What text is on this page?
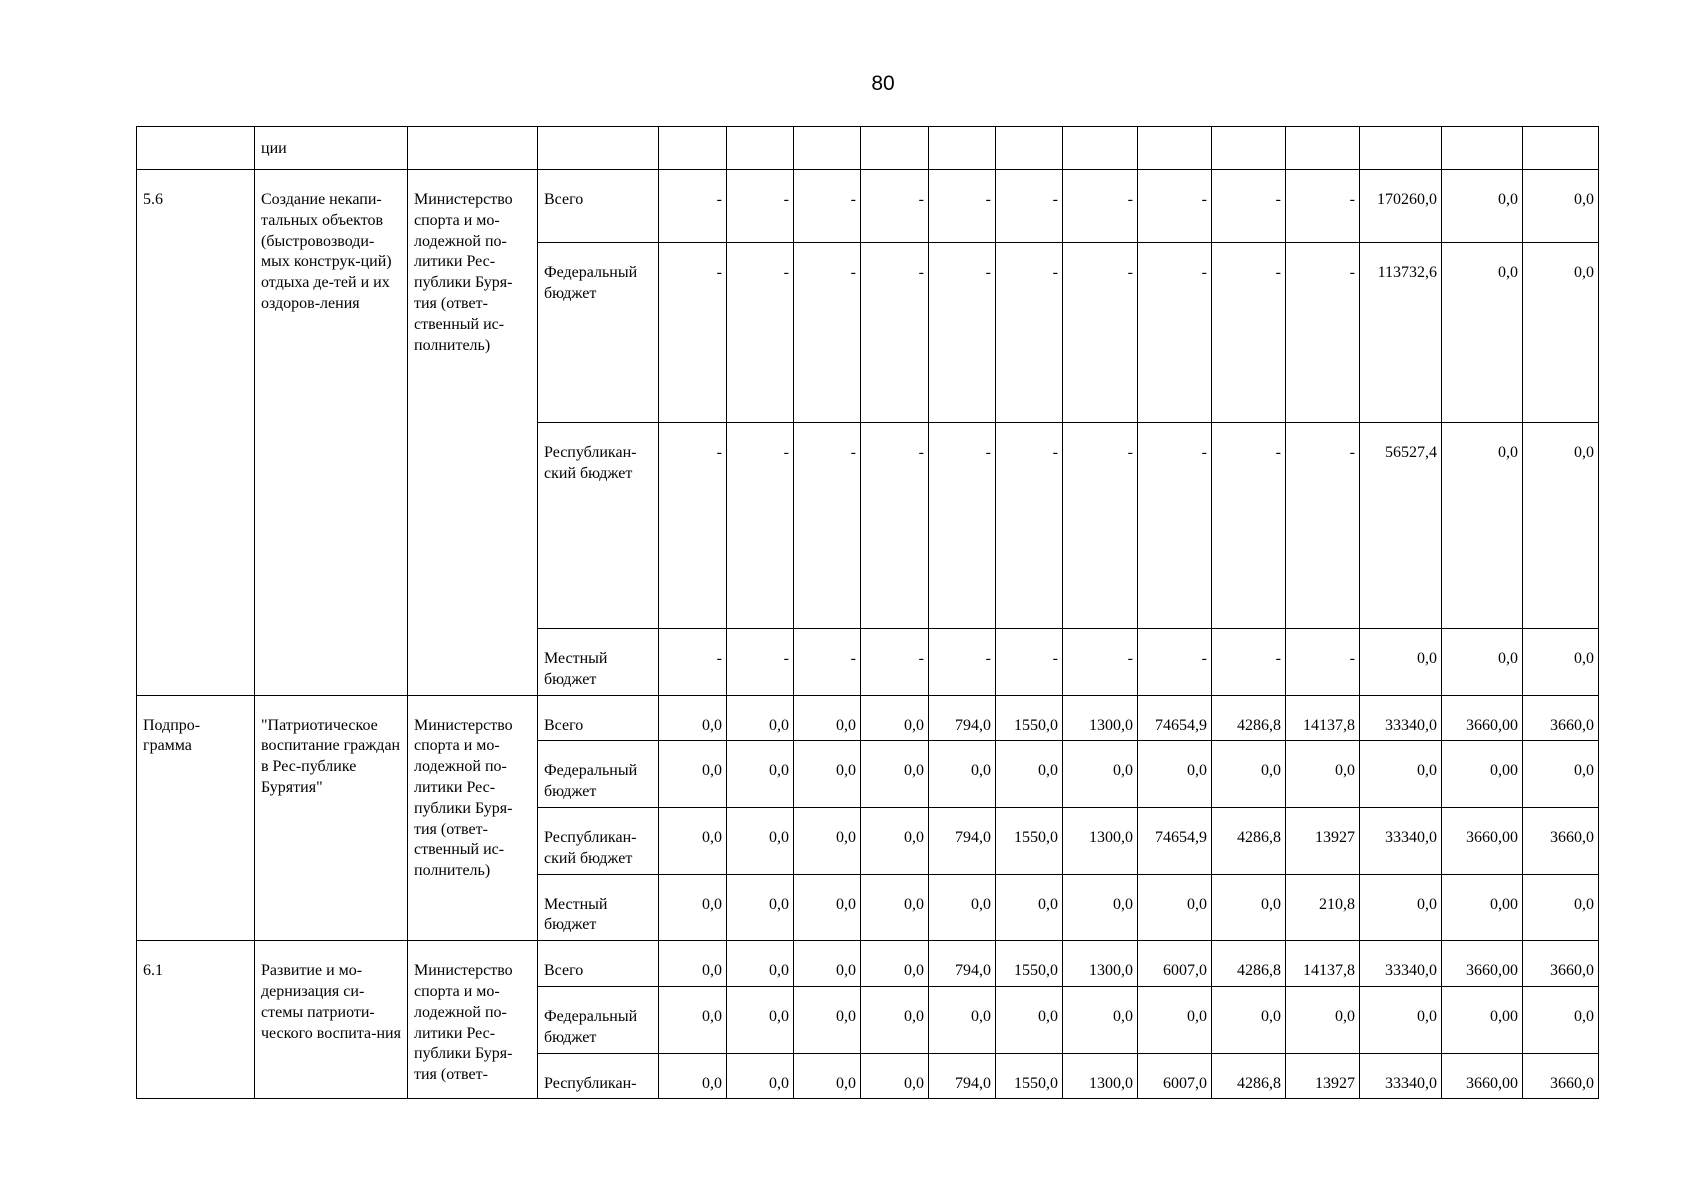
80
	ции															
5.6	Создание некапи-тальных объектов (быстровозводи-мых конструк-ций) отдыха де-тей и их оздоров-ления	Министерство спорта и мо-лодежной по-литики Рес-публики Буря-тия (ответ-ственный ис-полнитель)	Всего	-	-	-	-	-	-	-	-	-	-	170260,0	0,0	0,0
			Федеральный бюджет	-	-	-	-	-	-	-	-	-	-	113732,6	0,0	0,0
			Республикан-ский бюджет	-	-	-	-	-	-	-	-	-	-	56527,4	0,0	0,0
			Местный бюджет	-	-	-	-	-	-	-	-	-	-	0,0	0,0	0,0
Подпро-грамма	"Патриотическое воспитание граждан в Рес-публике Бурятия"	Министерство спорта и мо-лодежной по-литики Рес-публики Буря-тия (ответ-ственный ис-полнитель)	Всего	0,0	0,0	0,0	0,0	794,0	1550,0	1300,0	74654,9	4286,8	14137,8	33340,0	3660,00	3660,0
			Федеральный бюджет	0,0	0,0	0,0	0,0	0,0	0,0	0,0	0,0	0,0	0,0	0,0	0,00	0,0
			Республикан-ский бюджет	0,0	0,0	0,0	0,0	794,0	1550,0	1300,0	74654,9	4286,8	13927	33340,0	3660,00	3660,0
			Местный бюджет	0,0	0,0	0,0	0,0	0,0	0,0	0,0	0,0	0,0	210,8	0,0	0,00	0,0
6.1	Развитие и мо-дернизация си-стемы патриоти-ческого воспита-ния	Министерство спорта и мо-лодежной по-литики Рес-публики Буря-тия (ответ-	Всего	0,0	0,0	0,0	0,0	794,0	1550,0	1300,0	6007,0	4286,8	14137,8	33340,0	3660,00	3660,0
			Федеральный бюджет	0,0	0,0	0,0	0,0	0,0	0,0	0,0	0,0	0,0	0,0	0,0	0,00	0,0
			Республикан-	0,0	0,0	0,0	0,0	794,0	1550,0	1300,0	6007,0	4286,8	13927	33340,0	3660,00	3660,0
